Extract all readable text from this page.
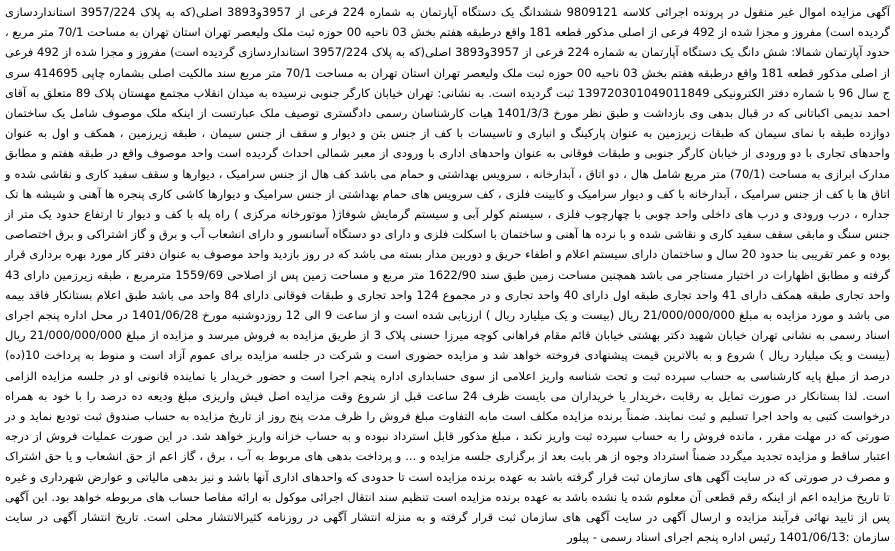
آگهی مزایده اموال غیر منقول در پرونده اجرائی کلاسه 9809121 ششدانگ یک دستگاه آپارتمان به شماره 224 فرعی از 3957و3893 اصلی(که به پلاک 3957/224 استانداردسازی گردیده است) مفروز و مجزا شده از 492 فرعی از اصلی مذکور قطعه 181 واقع درطبقه هفتم بخش 03 ناحیه 00 حوزه ثبت ملک ولیعصر تهران استان تهران به مساحت 70/1 متر مربع ، حدود آپارتمان شمالا: شش دانگ یک دستگاه آپارتمان به شماره 224 فرعی از 3957و3893 اصلی(که به پلاک 3957/224 استانداردسازی گردیده است) مفروز و مجزا شده از 492 فرعی از اصلی مذکور قطعه 181 واقع درطبقه هفتم بخش 03 ناحیه 00 حوزه ثبت ملک ولیعصر تهران استان تهران به مساحت 70/1 متر مربع سند مالکیت اصلی بشماره چاپی 414695 سری ج سال 96 با شماره دفتر الکترونیکی 139720301049011849 ثبت گردیده است. به نشانی: تهران خیابان کارگر جنوبی نرسیده به میدان انقلاب مجتمع مهستان پلاک 89 متعلق به آقای احمد ندیمی اکباتانی که در قبال بدهی وی بازداشت و طبق نظر مورخ 1401/3/3 هیات کارشناسان رسمی دادگستری توصیف ملک عبارتست از اینکه ملک موصوف شامل یک ساختمان دوازده طبقه با نمای سیمان که طبقات زیرزمین به عنوان پارکینگ و انباری و تاسیسات با کف از جنس بتن و دیوار و سقف از جنس سیمان ، طبقه زیرزمین ، همکف و اول به عنوان واحدهای تجاری با دو ورودی از خیابان کارگر جنوبی و طبقات فوقانی به عنوان واحدهای اداری با ورودی از معبر شمالی احداث گردیده است واحد موصوف واقع در طبقه هفتم و مطابق مدارک ابرازی به مساحت (70/1) متر مربع شامل هال ، دو اتاق ، آبدارخانه ، سرویس بهداشتی و حمام می باشد کف هال از جنس سرامیک ، دیوارها و سقف سفید کاری و نقاشی شده و اتاق ها با کف از جنس سرامیک ، آبدارخانه با کف و دیوار سرامیک و کابینت فلزی ، کف سرویس های حمام بهداشتی از جنس سرامیک و دیوارها کاشی کاری پنجره ها آهنی و شیشه ها تک جداره ، درب ورودی و درب های داخلی واحد چوبی با چهارچوب فلزی ، سیستم کولر آبی و سیستم گرمایش شوفاژ( موتورخانه مرکزی ) راه پله با کف و دیوار تا ارتفاع حدود یک متر از جنس سنگ و مابقی سقف سفید کاری و نقاشی شده و با نرده ها آهنی و ساختمان با اسکلت فلزی و دارای دو دستگاه آسانسور و دارای انشعاب آب و برق و گاز اشتراکی و برق اختصاصی بوده و عمر تقریبی بنا حدود 20 سال و ساختمان دارای سیستم اعلام و اطفاء حریق و دوربین مدار بسته می باشد که در روز بازدید واحد موصوف به عنوان دفتر کار مورد بهره برداری قرار گرفته و مطابق اظهارات در اختیار مستاجر می باشد همچنین مساحت زمین طبق سند 1622/90 متر مربع و مساحت زمین پس از اصلاحی 1559/69 مترمربع ، طبقه زیرزمین دارای 43 واحد تجاری طبقه همکف دارای 41 واحد تجاری طبقه اول دارای 40 واحد تجاری و در مجموع 124 واحد تجاری و طبقات فوقانی دارای 84 واحد می باشد طبق اعلام بستانکار فاقد بیمه می باشد و مورد مزایده به مبلغ 21/000/000/000 ریال (بیست و یک میلیارد ریال ) ارزیابی شده است و از ساعت 9 الی 12 روزدوشنبه مورخ 1401/06/28 در محل اداره پنجم اجرای اسناد رسمی به نشانی تهران خیابان شهید دکتر بهشتی خیابان قائم مقام فراهانی کوچه میرزا حسنی پلاک 3 از طریق مزایده به فروش میرسد و مزایده از مبلغ 21/000/000/000 ریال (بیست و یک میلیارد ریال ) شروع و به بالاترین قیمت پیشنهادی فروخته خواهد شد و مزایده حضوری است و شرکت در جلسه مزایده برای عموم آزاد است و منوط به پرداخت 10(ده) درصد از مبلغ پایه کارشناسی به حساب سپرده ثبت و تحت شناسه واریز اعلامی از سوی حسابداری اداره پنجم اجرا است و حضور خریدار یا نماینده قانونی او در جلسه مزایده الزامی است. لذا بستانکار در صورت تمایل به رقابت ،خریدار یا خریداران می بایست ظرف 24 ساعت قبل از شروع وقت مزایده اصل فیش واریزی مبلغ ودیعه ده درصد را با خود به همراه درخواست کتبی به واحد اجرا تسلیم و ثبت نمایند. ضمناً برنده مزایده مکلف است مابه التفاوت مبلغ فروش را ظرف مدت پنج روز از تاریخ مزایده به حساب صندوق ثبت تودیع نماید و در صورتی که در مهلت مقرر ، مانده فروش را به حساب سپرده ثبت واریز نکند ، مبلغ مذکور قابل استرداد نبوده و به حساب خزانه واریز خواهد شد. در این صورت عملیات فروش از درجه اعتبار ساقط و مزایده تجدید میگردد ضمناً استرداد وجوه از هر بابت بعد از برگزاری جلسه مزایده و ... و پرداخت بدهی های مربوط به آب ، برق ، گاز اعم از حق انشعاب و یا حق اشتراک و مصرف در صورتی که در سایت آگهی های سازمان ثبت قرار گرفته باشد به عهده برنده مزایده است تا حدودی که واحدهای اداری آنها باشد و نیز بدهی مالیاتی و عوارض شهرداری و غیره تا تاریخ مزایده اعم از اینکه رقم قطعی آن معلوم شده یا نشده باشد به عهده برنده مزایده است تنظیم سند انتقال اجرائی موکول به ارائه مفاصا حساب های مربوطه خواهد بود. این آگهی پس از تایید نهائی فرآیند مزایده و ارسال آگهی در سایت آگهی های سازمان ثبت قرار گرفته و به منزله انتشار آگهی در روزنامه کثیرالانتشار محلی است. تاریخ انتشار آگهی در سایت سازمان :1401/06/13 رئیس اداره پنجم اجرای اسناد رسمی - پیلور
